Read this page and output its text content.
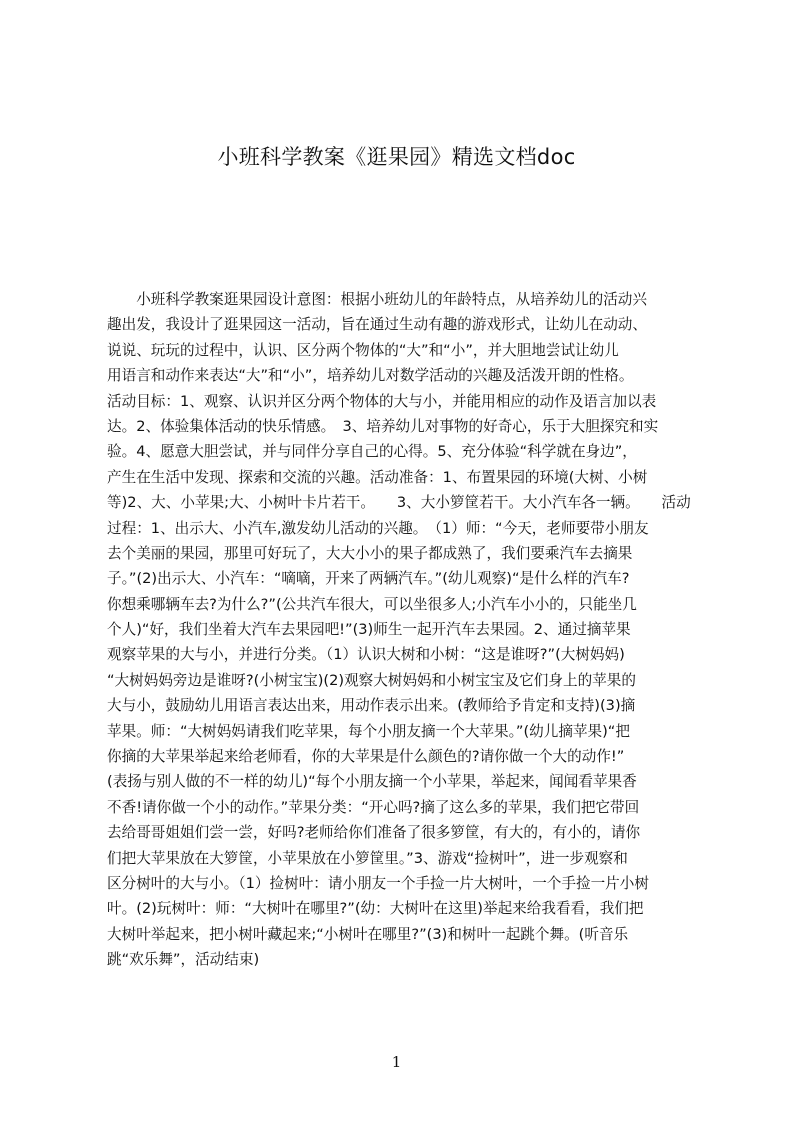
小班科学教案《逛果园》精选文档doc
　　小班科学教案逛果园设计意图：根据小班幼儿的年龄特点，从培养幼儿的活动兴
趣出发，我设计了逛果园这一活动，旨在通过生动有趣的游戏形式，让幼儿在动动、
说说、玩玩的过程中，认识、区分两个物体的“大”和“小”，并大胆地尝试让幼儿
用语言和动作来表达“大”和“小”，培养幼儿对数学活动的兴趣及活泼开朗的性格。
活动目标：1、观察、认识并区分两个物体的大与小，并能用相应的动作及语言加以表
达。2、体验集体活动的快乐情感。　3、培养幼儿对事物的好奇心，乐于大胆探究和实
验。4、愿意大胆尝试，并与同伴分享自己的心得。5、充分体验“科学就在身边”，
产生在生活中发现、探索和交流的兴趣。活动准备：1、布置果园的环境(大树、小树
等)2、大、小苹果;大、小树叶卡片若干。　　3、大小箩筐若干。大小汽车各一辆。　　活动
过程：1、出示大、小汽车,激发幼儿活动的兴趣。　（1）师：“今天，老师要带小朋友
去个美丽的果园，那里可好玩了，大大小小的果子都成熟了，我们要乘汽车去摘果
子。”(2)出示大、小汽车：“嘀嘀，开来了两辆汽车。”(幼儿观察)“是什么样的汽车?
你想乘哪辆车去?为什么?”(公共汽车很大，可以坐很多人;小汽车小小的，只能坐几
个人)“好，我们坐着大汽车去果园吧!”(3)师生一起开汽车去果园。2、通过摘苹果
观察苹果的大与小，并进行分类。（1）认识大树和小树：“这是谁呀?”(大树妈妈)
“大树妈妈旁边是谁呀?(小树宝宝)(2)观察大树妈妈和小树宝宝及它们身上的苹果的
大与小，鼓励幼儿用语言表达出来，用动作表示出来。(教师给予肯定和支持)(3)摘
苹果。师：“大树妈妈请我们吃苹果，每个小朋友摘一个大苹果。”(幼儿摘苹果)“把
你摘的大苹果举起来给老师看，你的大苹果是什么颜色的?请你做一个大的动作!”
(表扬与别人做的不一样的幼儿)“每个小朋友摘一个小苹果，举起来，闻闻看苹果香
不香!请你做一个小的动作。”苹果分类：“开心吗?摘了这么多的苹果，我们把它带回
去给哥哥姐姐们尝一尝，好吗?老师给你们准备了很多箩筐，有大的，有小的，请你
们把大苹果放在大箩筐，小苹果放在小箩筐里。”3、游戏“捡树叶”，进一步观察和
区分树叶的大与小。（1）捡树叶：请小朋友一个手捡一片大树叶，一个手捡一片小树
叶。(2)玩树叶：师：“大树叶在哪里?”(幼：大树叶在这里)举起来给我看看，我们把
大树叶举起来，把小树叶藏起来;“小树叶在哪里?”(3)和树叶一起跳个舞。(听音乐
跳“欢乐舞”，活动结束)
1
